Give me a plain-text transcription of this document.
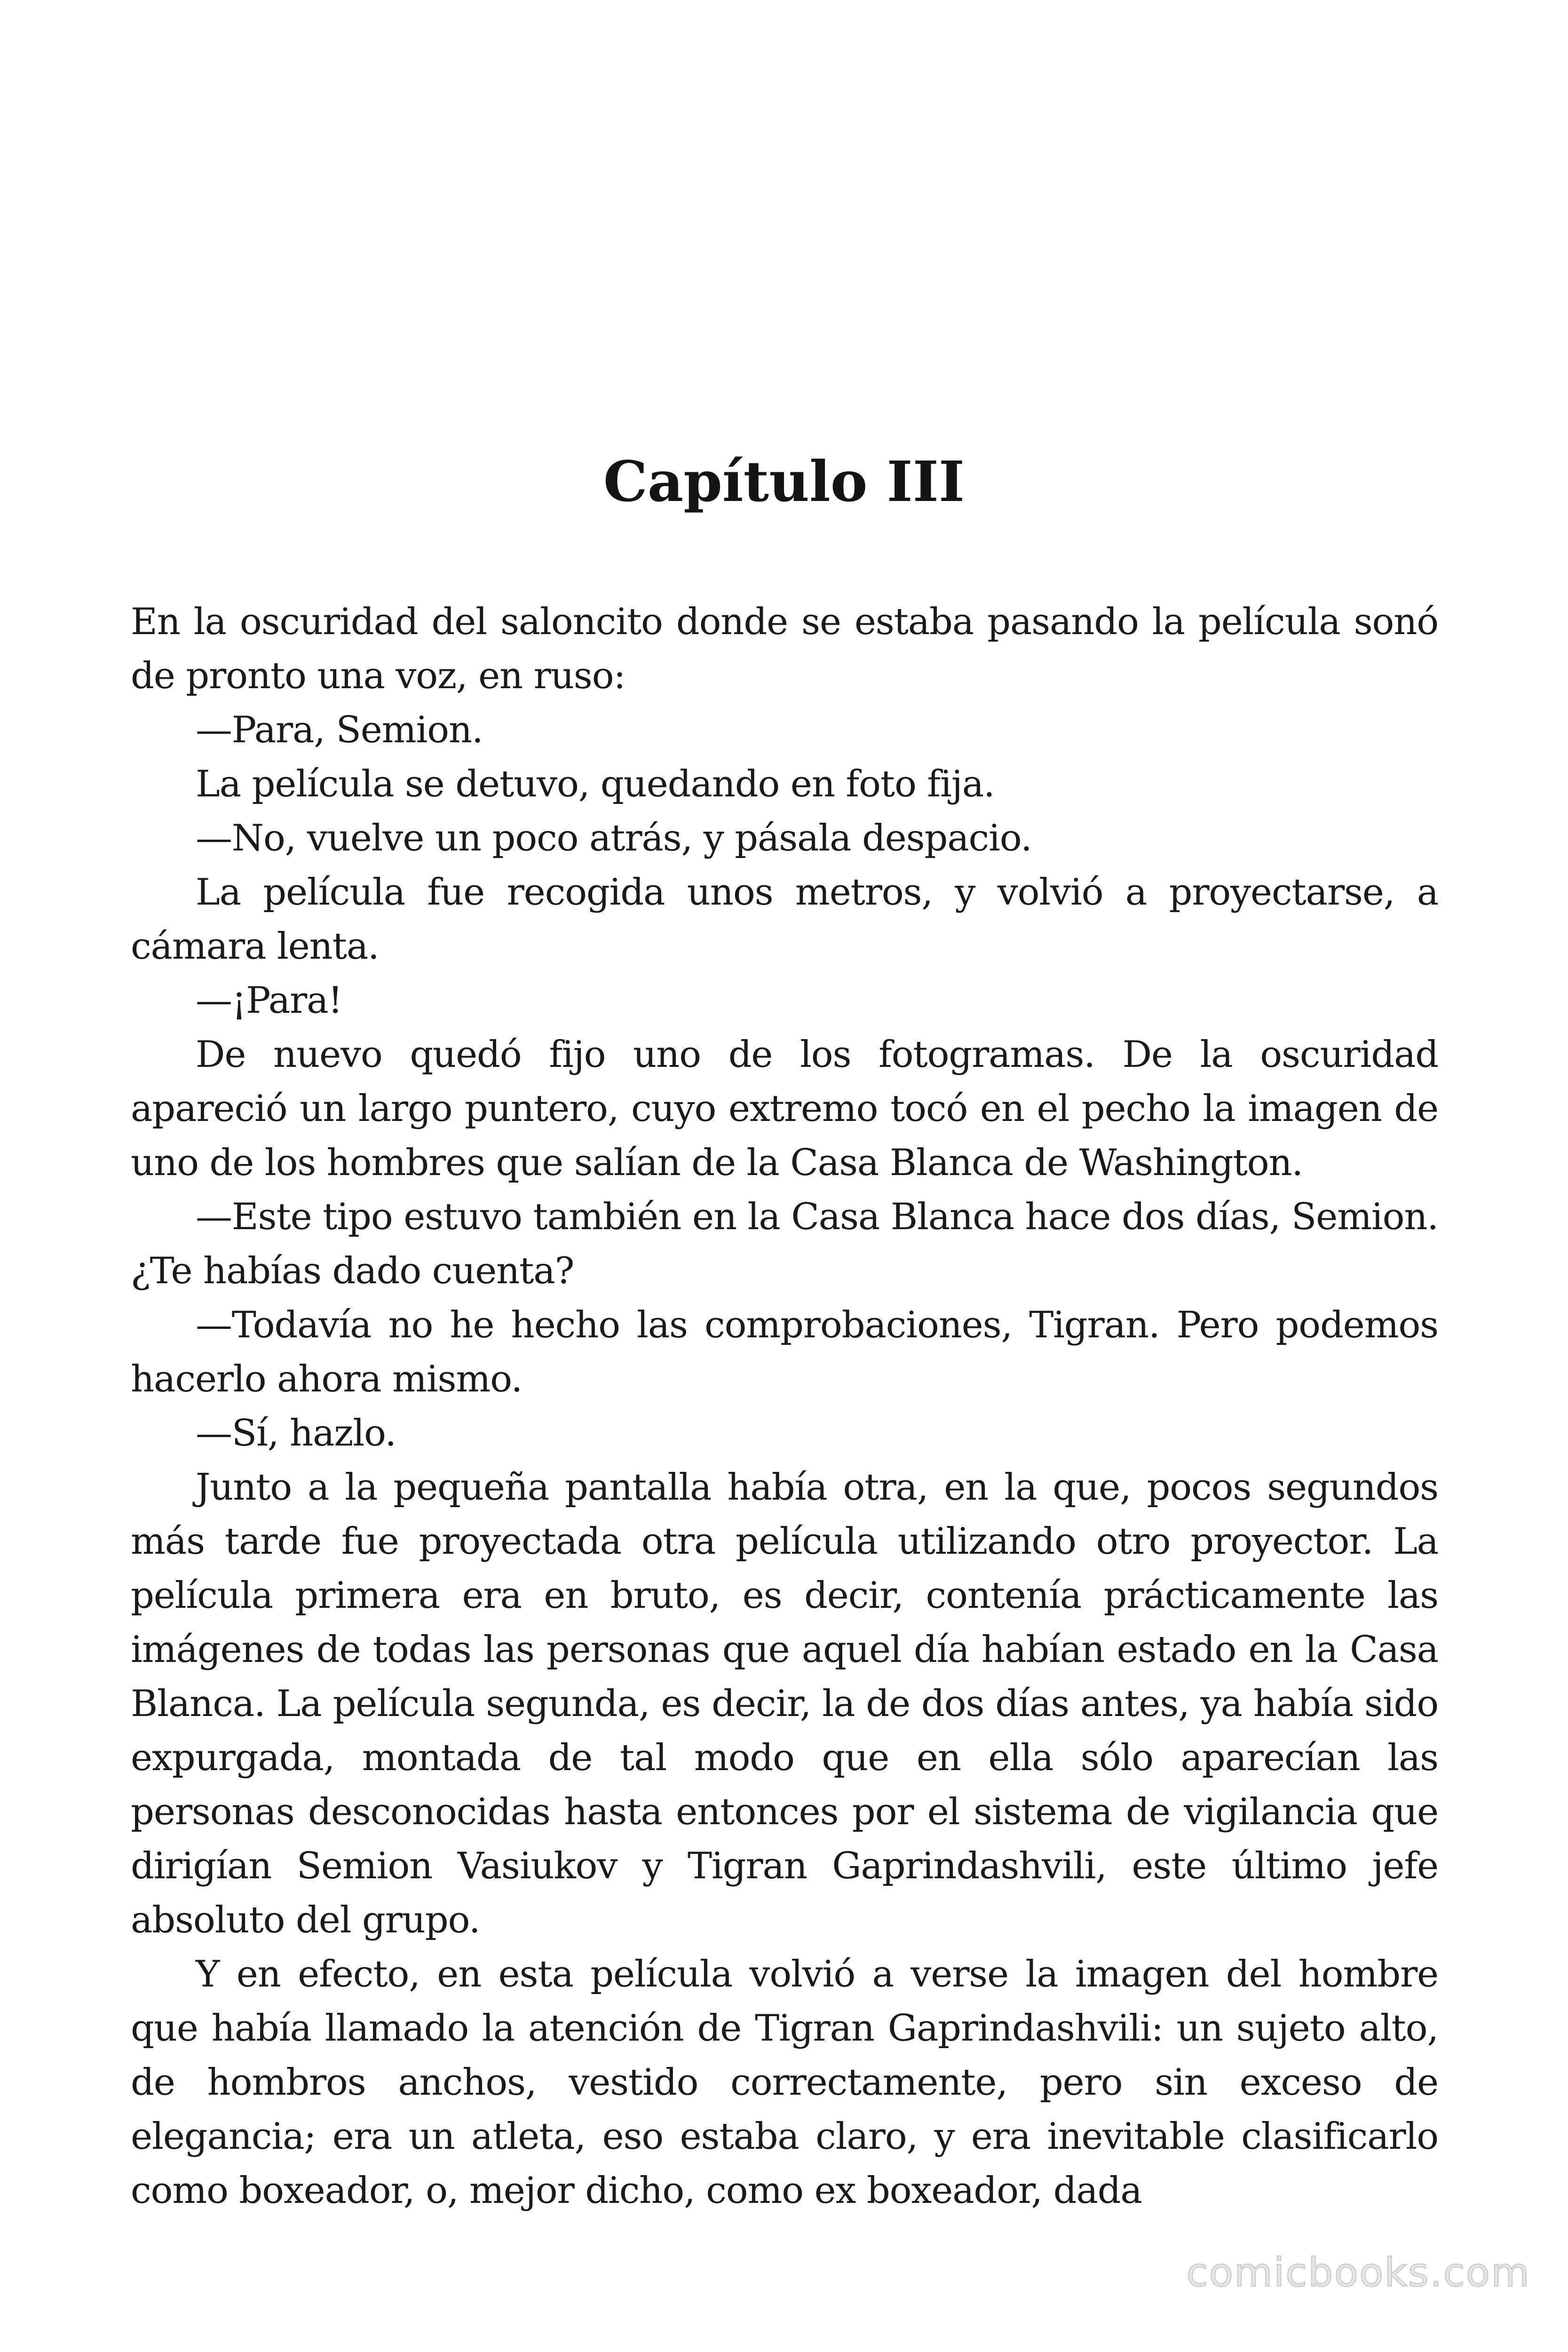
Capítulo III

En la oscuridad del saloncito donde se estaba pasando la película sonó de pronto una voz, en ruso:

—Para, Semion.

La película se detuvo, quedando en foto fija.

—No, vuelve un poco atrás, y pásala despacio.

La película fue recogida unos metros, y volvió a proyectarse, a cámara lenta.

—¡Para!

De nuevo quedó fijo uno de los fotogramas. De la oscuridad apareció un largo puntero, cuyo extremo tocó en el pecho la imagen de uno de los hombres que salían de la Casa Blanca de Washington.

—Este tipo estuvo también en la Casa Blanca hace dos días, Semion. ¿Te habías dado cuenta?

—Todavía no he hecho las comprobaciones, Tigran. Pero podemos hacerlo ahora mismo.

—Sí, hazlo.

Junto a la pequeña pantalla había otra, en la que, pocos segundos más tarde fue proyectada otra película utilizando otro proyector. La película primera era en bruto, es decir, contenía prácticamente las imágenes de todas las personas que aquel día habían estado en la Casa Blanca. La película segunda, es decir, la de dos días antes, ya había sido expurgada, montada de tal modo que en ella sólo aparecían las personas desconocidas hasta entonces por el sistema de vigilancia que dirigían Semion Vasiukov y Tigran Gaprindashvili, este último jefe absoluto del grupo.

Y en efecto, en esta película volvió a verse la imagen del hombre que había llamado la atención de Tigran Gaprindashvili: un sujeto alto, de hombros anchos, vestido correctamente, pero sin exceso de elegancia; era un atleta, eso estaba claro, y era inevitable clasificarlo como boxeador, o, mejor dicho, como ex boxeador, dada

comicbooks.com
